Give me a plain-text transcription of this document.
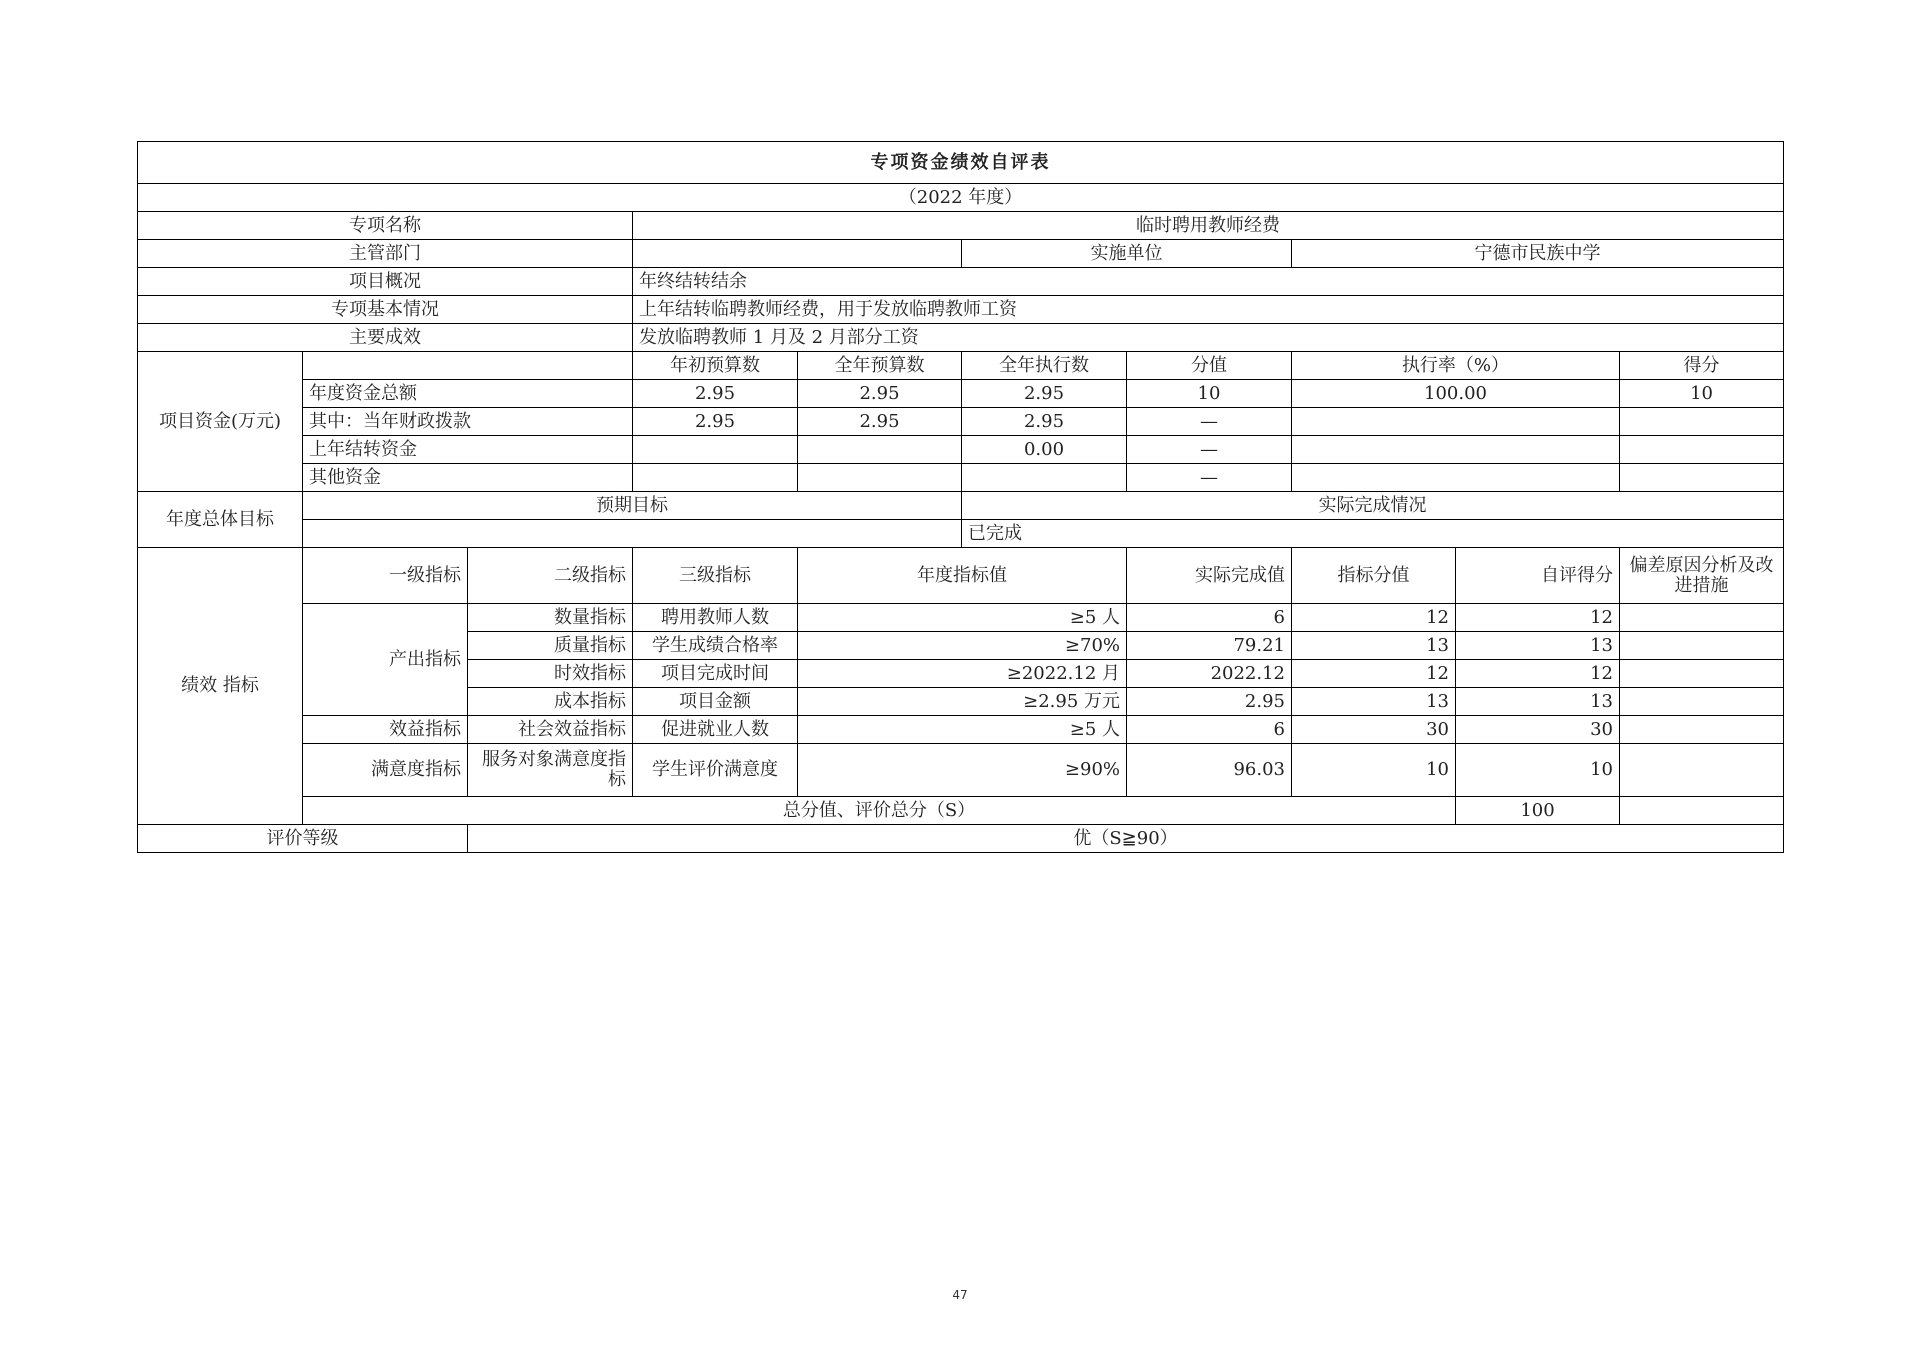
专项资金绩效自评表									
（2022 年度）									
专项名称			临时聘用教师经费						
主管部门					实施单位		宁德市民族中学		
项目概况			年终结转结余						
专项基本情况			上年结转临聘教师经费，用于发放临聘教师工资						
主要成效			发放临聘教师 1 月及 2 月部分工资						
项目资金(万元)			年初预算数	全年预算数	全年执行数	分值	执行率（%）		得分
	年度资金总额		2.95	2.95	2.95	10	100.00		10
	其中：当年财政拨款		2.95	2.95	2.95	—			
	上年结转资金				0.00	—			
	其他资金					—			
年度总体目标	预期目标				实际完成情况				
					已完成				
绩效 指标	一级指标	二级指标	三级指标	年度指标值		实际完成值	指标分值	自评得分	偏差原因分析及改进措施
	产出指标	数量指标	聘用教师人数	≥5 人		6	12	12	
		质量指标	学生成绩合格率	≥70%		79.21	13	13	
		时效指标	项目完成时间	≥2022.12 月		2022.12	12	12	
		成本指标	项目金额	≥2.95 万元		2.95	13	13	
	效益指标	社会效益指标	促进就业人数	≥5 人		6	30	30	
	满意度指标	服务对象满意度指标	学生评价满意度	≥90%		96.03	10	10	
	总分值、评价总分（S）							100	
评价等级		优（S≧90）							
47
